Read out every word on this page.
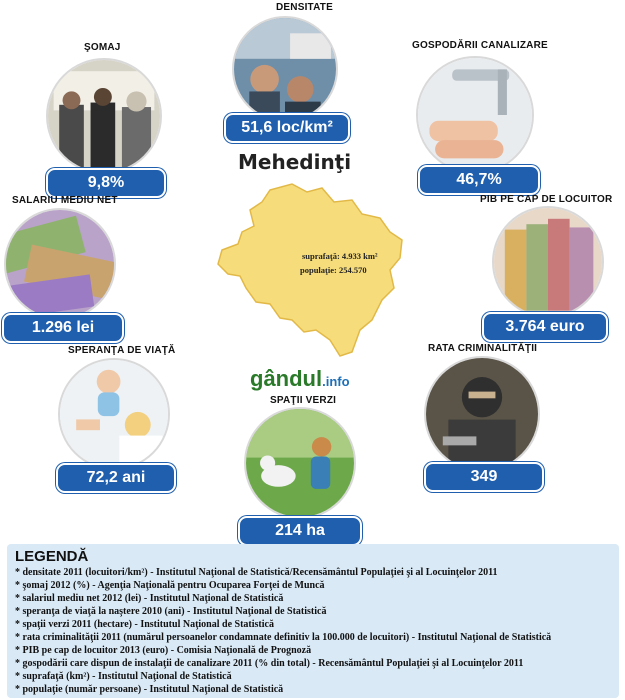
DENSITATE
51,6 loc/km²
ŞOMAJ
9,8%
GOSPODĂRII CANALIZARE
46,7%
Mehedinţi
suprafaţă: 4.933 km²
populaţie: 254.570
SALARIU MEDIU NET
1.296 lei
PIB PE CAP DE LOCUITOR
3.764 euro
SPERANŢA DE VIAŢĂ
72,2 ani
gândul.info
RATA CRIMINALITĂŢII
349
SPAŢII VERZI
214 ha
LEGENDĂ
* densitate 2011 (locuitori/km²) - Institutul Naţional de Statistică/Recensământul Populaţiei şi al Locuinţelor 2011
* şomaj 2012 (%) - Agenţia Naţională pentru Ocuparea Forţei de Muncă
* salariul mediu net 2012 (lei) - Institutul Naţional de Statistică
* speranţa de viaţă la naştere 2010 (ani) - Institutul Naţional de Statistică
* spaţii verzi 2011 (hectare) - Institutul Naţional de Statistică
* rata criminalităţii 2011 (numărul persoanelor condamnate definitiv la 100.000 de locuitori) - Institutul Naţional de Statistică
* PIB pe cap de locuitor 2013 (euro) - Comisia Naţională de Prognoză
* gospodării care dispun de instalaţii de canalizare 2011 (% din total) - Recensământul Populaţiei şi al Locuinţelor 2011
* suprafaţă (km²) - Institutul Naţional de Statistică
* populaţie (număr persoane) - Institutul Naţional de Statistică
